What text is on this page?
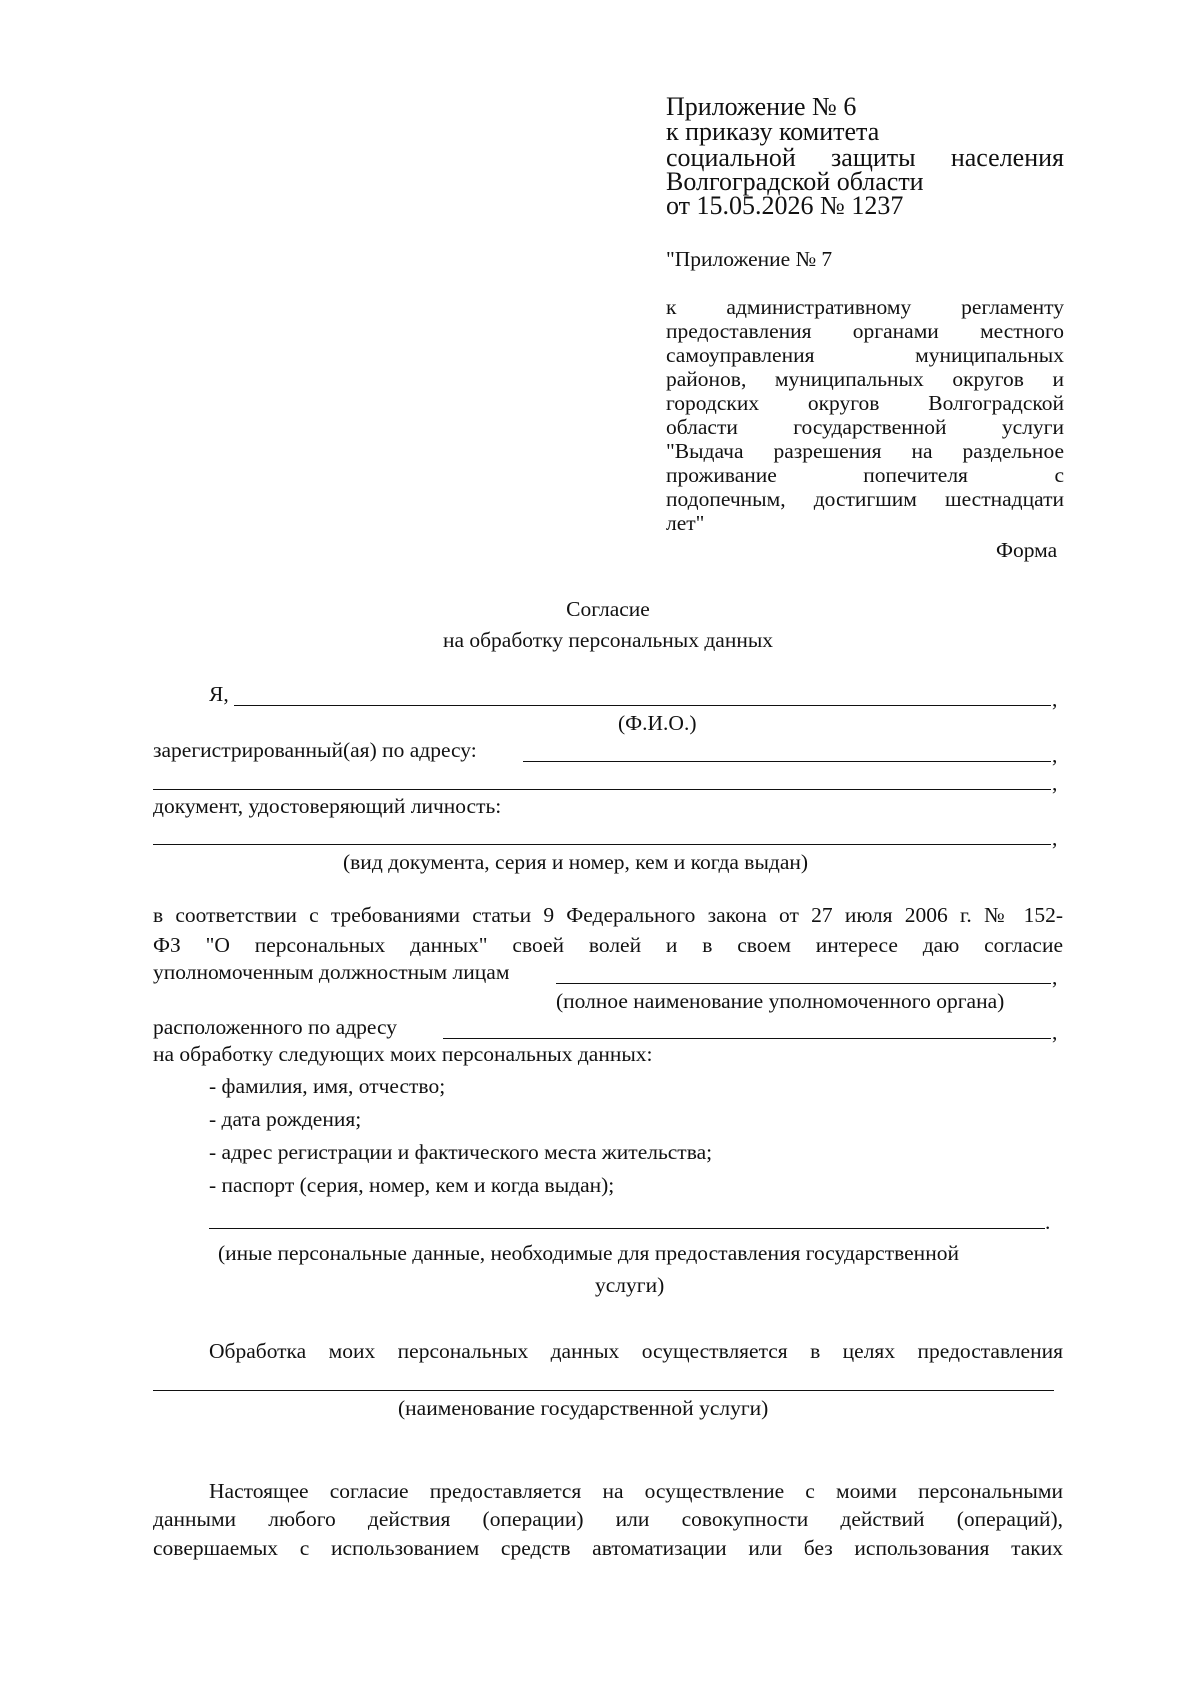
Приложение № 6
к приказу комитета
социальной защиты населения
Волгоградской области
от 15.05.2026 № 1237
"Приложение № 7
к административному регламенту
предоставления органами местного
самоуправления муниципальных
районов, муниципальных округов и
городских округов Волгоградской
области государственной услуги
"Выдача разрешения на раздельное
проживание попечителя с
подопечным, достигшим шестнадцати
лет"
Форма
Согласие
на обработку персональных данных
Я,	,
(Ф.И.О.)
зарегистрированный(ая) по адресу:	,
,
документ, удостоверяющий личность:
,
(вид документа, серия и номер, кем и когда выдан)
в соответствии с требованиями статьи 9 Федерального закона от 27 июля 2006 г. № 152-
ФЗ "О персональных данных" своей волей и в своем интересе даю согласие
уполномоченным должностным лицам	,
(полное наименование уполномоченного органа)
расположенного по адресу	,
на обработку следующих моих персональных данных:
- фамилия, имя, отчество;
- дата рождения;
- адрес регистрации и фактического места жительства;
- паспорт (серия, номер, кем и когда выдан);
.
(иные персональные данные, необходимые для предоставления государственной
услуги)
Обработка моих персональных данных осуществляется в целях предоставления
(наименование государственной услуги)
Настоящее согласие предоставляется на осуществление с моими персональными
данными любого действия (операции) или совокупности действий (операций),
совершаемых с использованием средств автоматизации или без использования таких
